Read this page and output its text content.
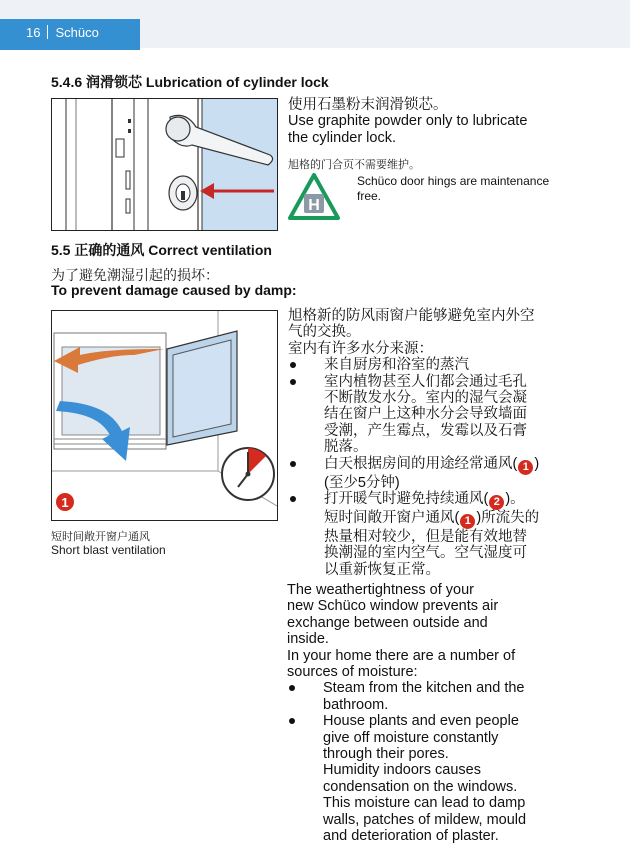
16 Schüco
5.4.6 润滑锁芯 Lubrication of cylinder lock
使用石墨粉末润滑锁芯。
Use graphite powder only to lubricate
the cylinder lock.
旭格的门合页不需要维护。
H
Schüco door hings are maintenance
free.
5.5 正确的通风 Correct ventilation
为了避免潮湿引起的损坏：
To prevent damage caused by damp:
1
短时间敞开窗户通风
Short blast ventilation
旭格新的防风雨窗户能够避免室内外空
气的交换。
室内有许多水分来源：
来自厨房和浴室的蒸汽
室内植物甚至人们都会通过毛孔
不断散发水分。室内的湿气会凝
结在窗户上这种水分会导致墙面
受潮，产生霉点，发霉以及石膏
脱落。
白天根据房间的用途经常通风( 1 )
(至少5分钟)
打开暖气时避免持续通风( 2 )。
短时间敞开窗户通风( 1 )所流失的
热量相对较少，但是能有效地替
换潮湿的室内空气。空气湿度可
以重新恢复正常。
The weathertightness of your
new Schüco window prevents air
exchange between outside and
inside.
In your home there are a number of
sources of moisture:
Steam from the kitchen and the
bathroom.
House plants and even people
give off moisture constantly
through their pores.
Humidity indoors causes
condensation on the windows.
This moisture can lead to damp
walls, patches of mildew, mould
and deterioration of plaster.
